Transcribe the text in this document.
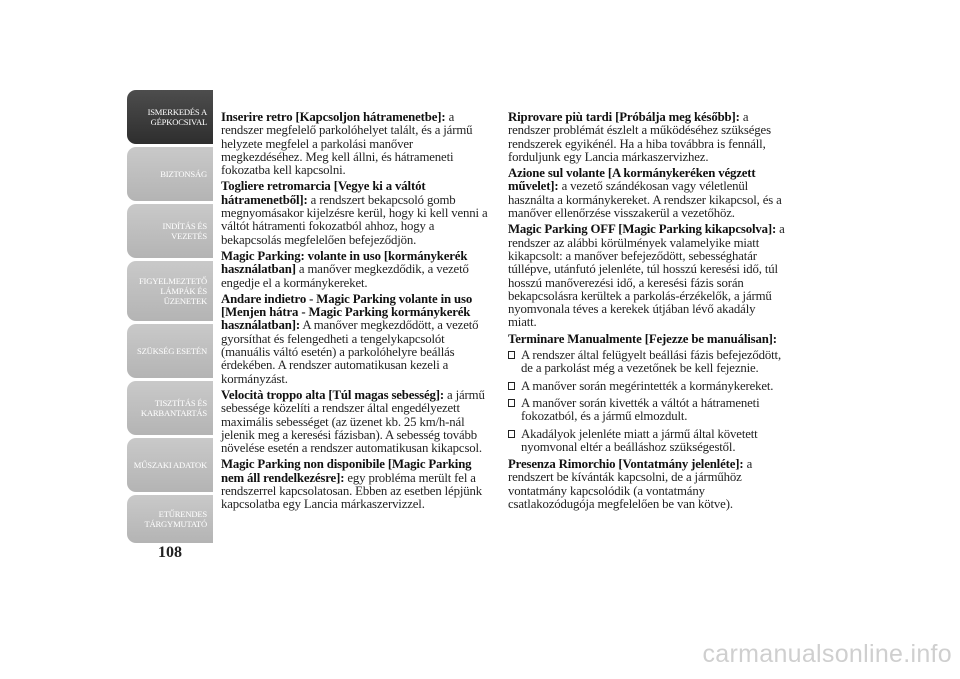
ISMERKEDÉS A
GÉPKOCSIVAL
BIZTONSÁG
INDÍTÁS ÉS
VEZETÉS
FIGYELMEZTETŐ
LÁMPÁK ÉS
ÜZENETEK
SZÜKSÉG ESETÉN
TISZTÍTÁS ÉS
KARBANTARTÁS
MŰSZAKI ADATOK
ETŰRENDES
TÁRGYMUTATÓ
108

Inserire retro [Kapcsoljon hátramenetbe]: a rendszer megfelelő parkolóhelyet talált, és a jármű helyzete megfelel a parkolási manőver megkezdéséhez. Meg kell állni, és hátrameneti fokozatba kell kapcsolni.

Togliere retromarcia [Vegye ki a váltót hátramenetből]: a rendszert bekapcsoló gomb megnyomásakor kijelzésre kerül, hogy ki kell venni a váltót hátramenti fokozatból ahhoz, hogy a bekapcsolás megfelelően befejeződjön.

Magic Parking: volante in uso [kormánykerék használatban] a manőver megkezdődik, a vezető engedje el a kormánykereket.

Andare indietro - Magic Parking volante in uso [Menjen hátra - Magic Parking kormánykerék használatban]: A manőver megkezdődött, a vezető gyorsíthat és felengedheti a tengelykapcsolót (manuális váltó esetén) a parkolóhelyre beállás érdekében. A rendszer automatikusan kezeli a kormányzást.

Velocità troppo alta [Túl magas sebesség]: a jármű sebessége közelíti a rendszer által engedélyezett maximális sebességet (az üzenet kb. 25 km/h-nál jelenik meg a keresési fázisban). A sebesség tovább növelése esetén a rendszer automatikusan kikapcsol.

Magic Parking non disponibile [Magic Parking nem áll rendelkezésre]: egy probléma merült fel a rendszerrel kapcsolatosan. Ebben az esetben lépjünk kapcsolatba egy Lancia márkaszervizzel.

Riprovare più tardi [Próbálja meg később]: a rendszer problémát észlelt a működéséhez szükséges rendszerek egyikénél. Ha a hiba továbbra is fennáll, forduljunk egy Lancia márkaszervizhez.

Azione sul volante [A kormánykeréken végzett művelet]: a vezető szándékosan vagy véletlenül használta a kormánykereket. A rendszer kikapcsol, és a manőver ellenőrzése visszakerül a vezetőhöz.

Magic Parking OFF [Magic Parking kikapcsolva]: a rendszer az alábbi körülmények valamelyike miatt kikapcsolt: a manőver befejeződött, sebességhatár túllépve, utánfutó jelenléte, túl hosszú keresési idő, túl hosszú manőverezési idő, a keresési fázis során bekapcsolásra kerültek a parkolás-érzékelők, a jármű nyomvonala téves a kerekek útjában lévő akadály miatt.

Terminare Manualmente [Fejezze be manuálisan]:

A rendszer által felügyelt beállási fázis befejeződött, de a parkolást még a vezetőnek be kell fejeznie.
A manőver során megérintették a kormánykereket.
A manőver során kivették a váltót a hátrameneti fokozatból, és a jármű elmozdult.
Akadályok jelenléte miatt a jármű által követett nyomvonal eltér a beálláshoz szükségestől.

Presenza Rimorchio [Vontatmány jelenléte]: a rendszert be kívánták kapcsolni, de a járműhöz vontatmány kapcsolódik (a vontatmány csatlakozódugója megfelelően be van kötve).

carmanualsonline.info
